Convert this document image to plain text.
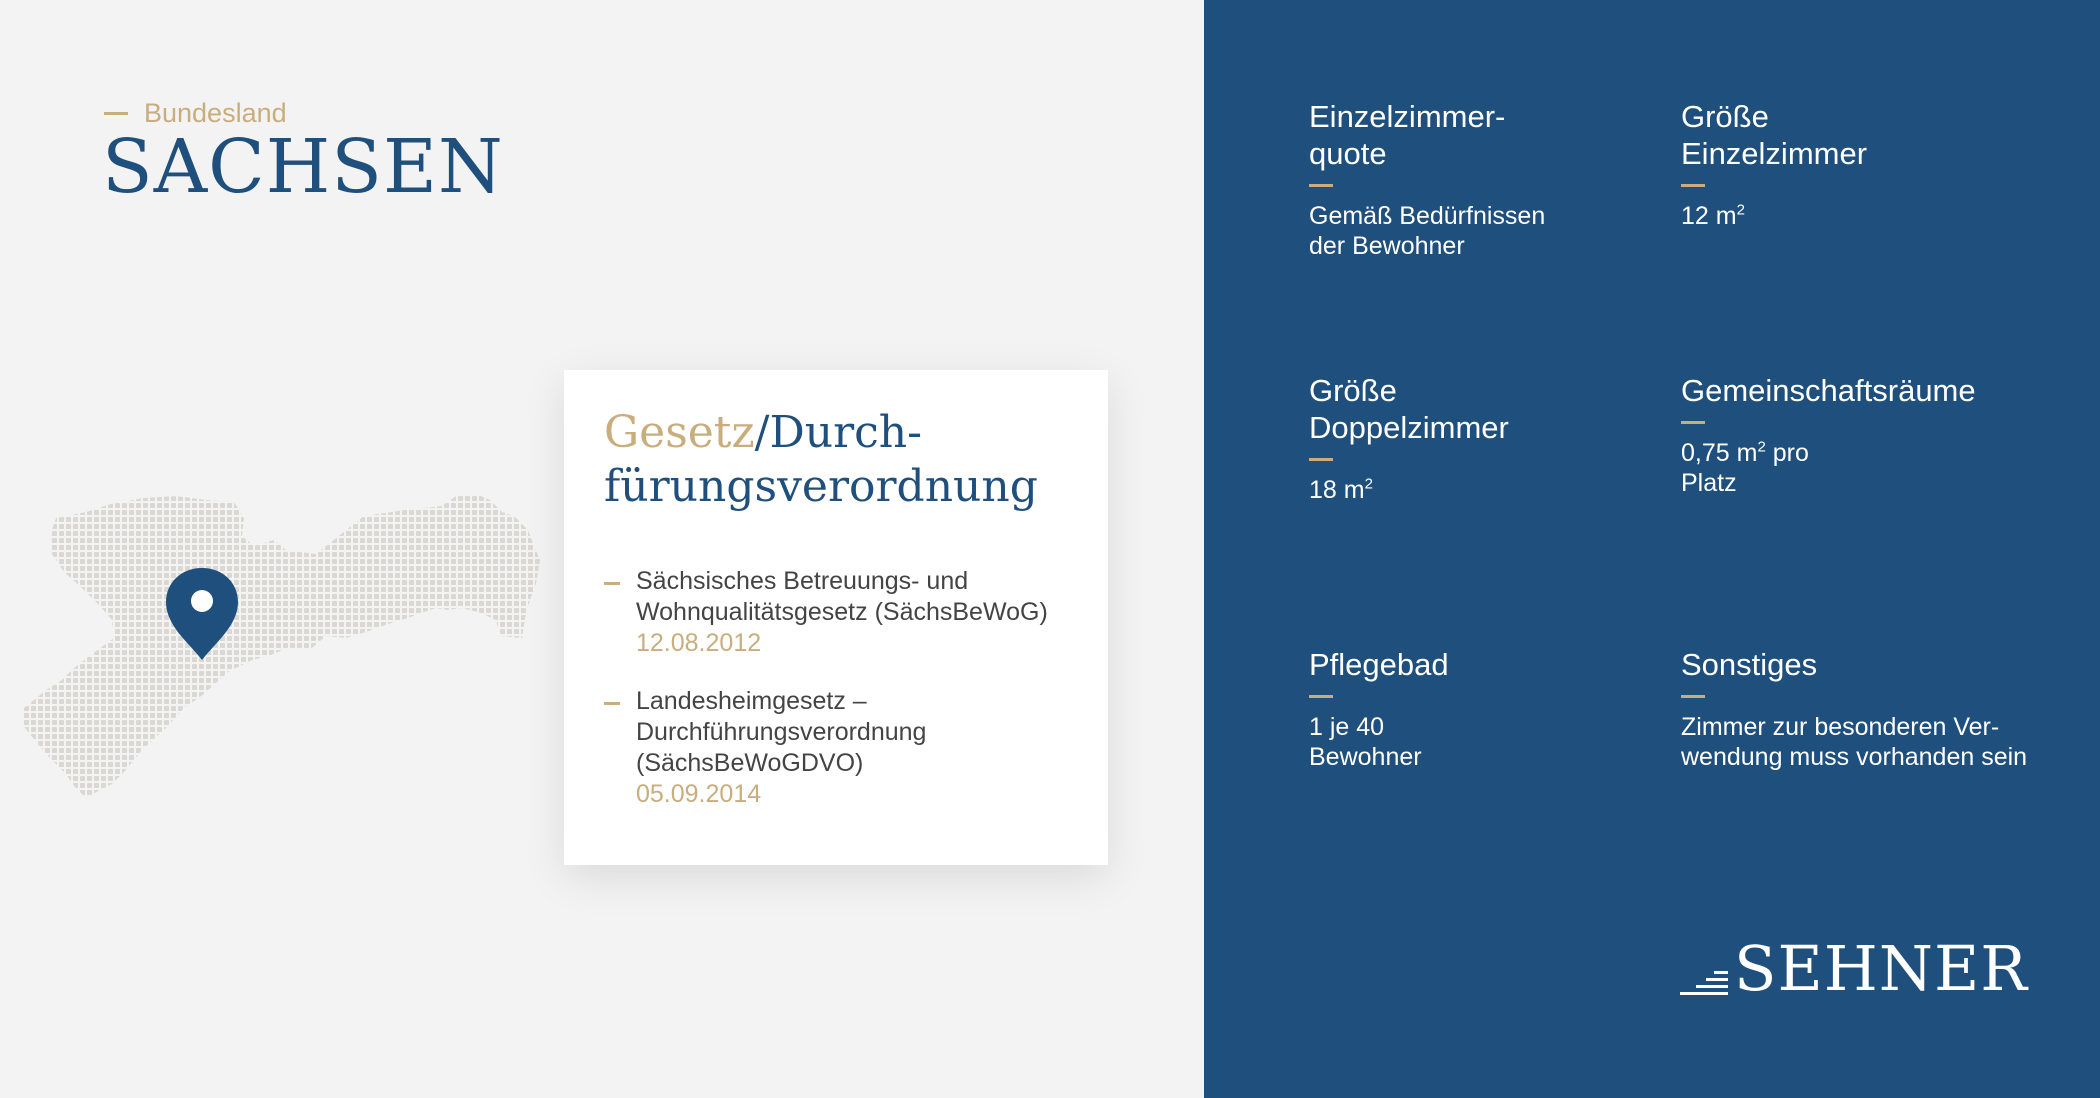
Bundesland
SACHSEN
Gesetz/Durch-
fürungsverordnung
Sächsisches Betreuungs- und
Wohnqualitätsgesetz (SächsBeWoG)
12.08.2012
Landesheimgesetz –
Durchführungsverordnung
(SächsBeWoGDVO)
05.09.2014
Einzelzimmer-
quote
Gemäß Bedürfnissen
der Bewohner
Größe
Einzelzimmer
12 $m^2$
Größe
Doppelzimmer
18 $m^2$
Gemeinschaftsräume
0,75 $m^2$ pro
Platz
Pflegebad
1 je 40
Bewohner
Sonstiges
Zimmer zur besonderen Ver-
wendung muss vorhanden sein
SEHNER
